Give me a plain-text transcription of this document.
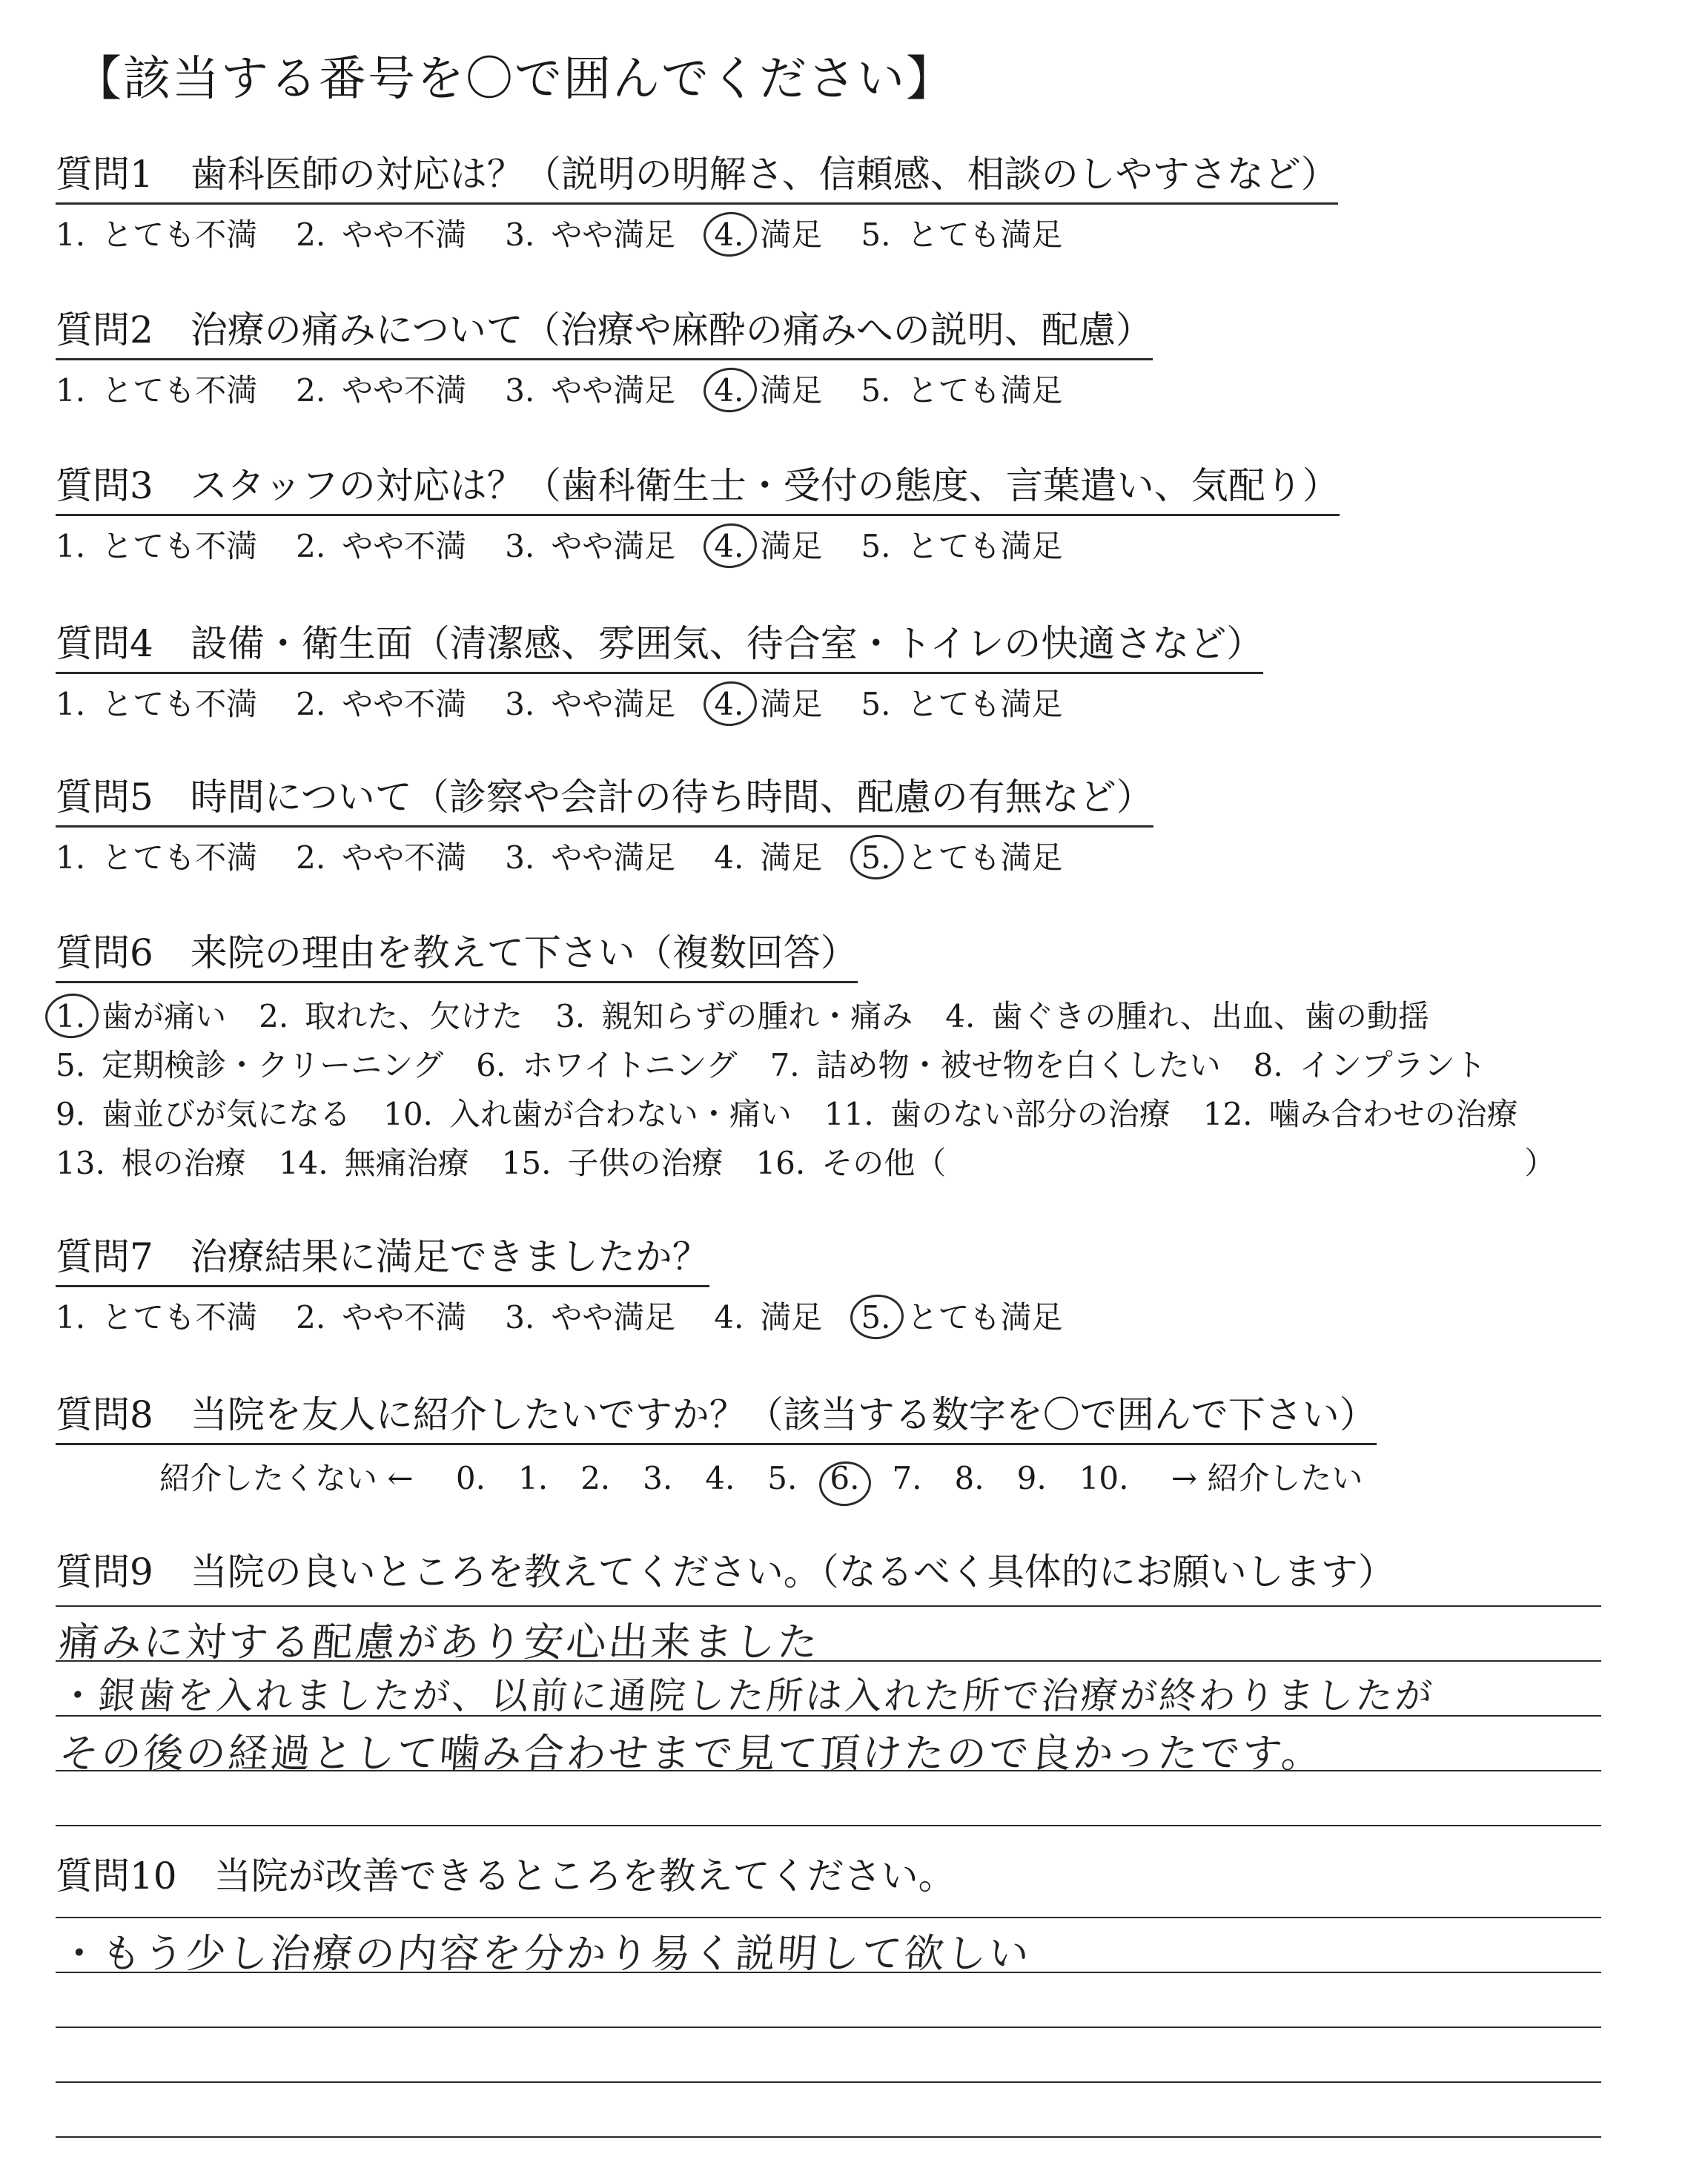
【該当する番号を〇で囲んでください】
質問1　歯科医師の対応は？（説明の明解さ、信頼感、相談のしやすさなど）
1. とても不満 2. やや不満 3. やや満足 4. 満足 5. とても満足
質問2　治療の痛みについて（治療や麻酔の痛みへの説明、配慮）
1. とても不満 2. やや不満 3. やや満足 4. 満足 5. とても満足
質問3　スタッフの対応は？（歯科衛生士・受付の態度、言葉遣い、気配り）
1. とても不満 2. やや不満 3. やや満足 4. 満足 5. とても満足
質問4　設備・衛生面（清潔感、雰囲気、待合室・トイレの快適さなど）
1. とても不満 2. やや不満 3. やや満足 4. 満足 5. とても満足
質問5　時間について（診察や会計の待ち時間、配慮の有無など）
1. とても不満 2. やや不満 3. やや満足 4. 満足 5. とても満足
質問6　来院の理由を教えて下さい（複数回答）
1. 歯が痛い 2. 取れた、欠けた 3. 親知らずの腫れ・痛み 4. 歯ぐきの腫れ、出血、歯の動揺
5. 定期検診・クリーニング 6. ホワイトニング 7. 詰め物・被せ物を白くしたい 8. インプラント
9. 歯並びが気になる 10. 入れ歯が合わない・痛い 11. 歯のない部分の治療 12. 噛み合わせの治療
13. 根の治療 14. 無痛治療 15. 子供の治療 16. その他（	）
質問7　治療結果に満足できましたか？
1. とても不満 2. やや不満 3. やや満足 4. 満足 5. とても満足
質問8　当院を友人に紹介したいですか？（該当する数字を〇で囲んで下さい）
紹介したくない ← 0. 1. 2. 3. 4. 5. 6. 7. 8. 9. 10. → 紹介したい
質問9　当院の良いところを教えてください。（なるべく具体的にお願いします）
痛みに対する配慮があり安心出来ました
・銀歯を入れましたが、以前に通院した所は入れた所で治療が終わりましたが
その後の経過として噛み合わせまで見て頂けたので良かったです。
質問10　当院が改善できるところを教えてください。
・もう少し治療の内容を分かり易く説明して欲しい
